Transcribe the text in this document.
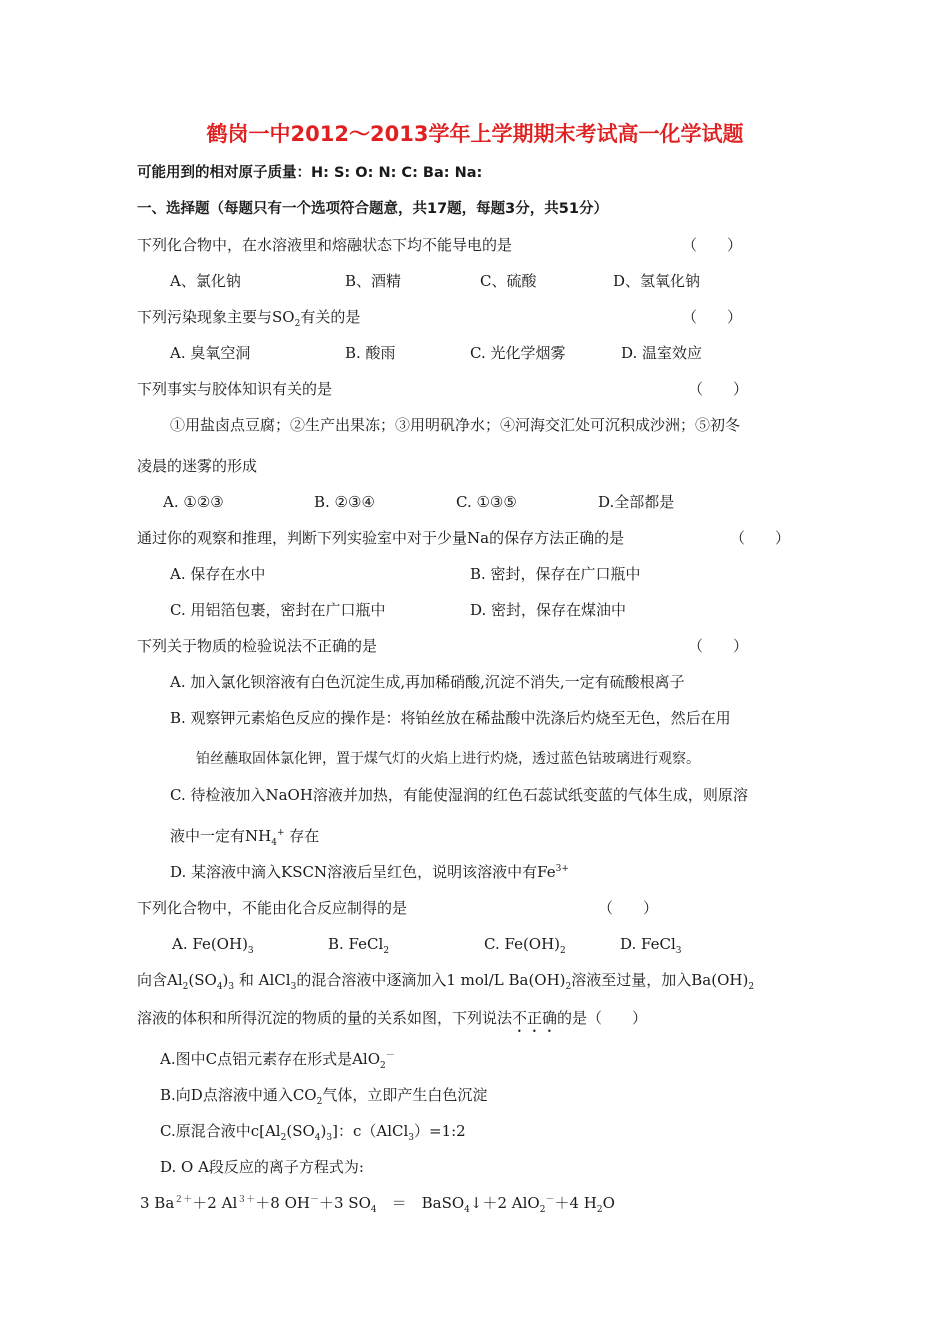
鹤岗一中2012～2013学年上学期期末考试高一化学试题
可能用到的相对原子质量：H: S: O: N: C: Ba: Na:
一、选择题（每题只有一个选项符合题意，共17题，每题3分，共51分）
下列化合物中，在水溶液里和熔融状态下均不能导电的是	（　　）
A、氯化钠	B、酒精	C、硫酸	D、氢氧化钠
下列污染现象主要与$SO_2$有关的是	（　　）
A. 臭氧空洞	B. 酸雨	C. 光化学烟雾	D. 温室效应
下列事实与胶体知识有关的是	（　　）
①用盐卤点豆腐；②生产出果冻；③用明矾净水；④河海交汇处可沉积成沙洲；⑤初冬
凌晨的迷雾的形成
A. ①②③	B. ②③④	C. ①③⑤	D.全部都是
通过你的观察和推理，判断下列实验室中对于少量Na的保存方法正确的是	（　　）
A. 保存在水中	B. 密封，保存在广口瓶中
C. 用铝箔包裹，密封在广口瓶中	D. 密封，保存在煤油中
下列关于物质的检验说法不正确的是	（　　）
A. 加入氯化钡溶液有白色沉淀生成,再加稀硝酸,沉淀不消失,一定有硫酸根离子
B. 观察钾元素焰色反应的操作是：将铂丝放在稀盐酸中洗涤后灼烧至无色，然后在用
铂丝蘸取固体氯化钾，置于煤气灯的火焰上进行灼烧，透过蓝色钴玻璃进行观察。
C. 待检液加入NaOH溶液并加热，有能使湿润的红色石蕊试纸变蓝的气体生成，则原溶
液中一定有$NH_4^+$ 存在
D. 某溶液中滴入KSCN溶液后呈红色，说明该溶液中有$Fe^{3+}$
下列化合物中，不能由化合反应制得的是	（　　）
A. $Fe(OH)_3$	B. FeCl$_2$	C. $Fe(OH)_2$	D. FeCl$_3$
向含$Al_2(SO_4)_3$ 和 AlCl$_3$的混合溶液中逐滴加入1 mol/L $Ba(OH)_2$溶液至过量，加入$Ba(OH)_2$
溶液的体积和所得沉淀的物质的量的关系如图，下列说法不正确的是（　　）
A.图中C点铝元素存在形式是AlO$_2$－
B.向D点溶液中通入$CO_2$气体，立即产生白色沉淀
C.原混合液中$c[Al_2(SO_4)_3]$：c（AlCl$_3$）=1:2
D. O A段反应的离子方程式为:
3 $Ba^{2+}+2$ $Al^{3+}+8$ OH－＋3 $SO_4$　＝　BaSO$_4$↓＋2 AlO$_2$－＋4 $H_2O$
